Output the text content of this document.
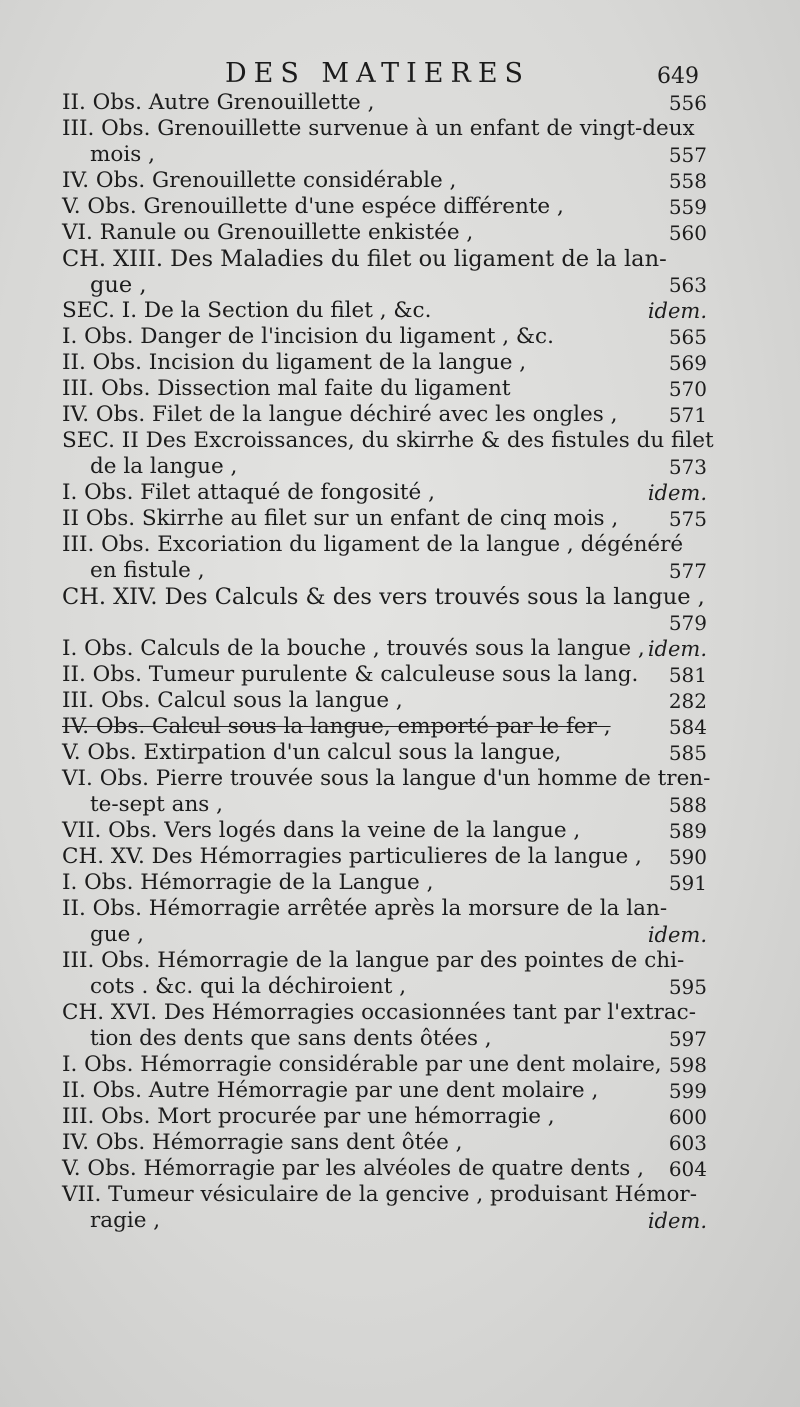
DES MATIERES	649
II. Obs. Autre Grenouillette ,	556
III. Obs. Grenouillette survenue à un enfant de vingt-deux
mois ,	557
IV. Obs. Grenouillette considérable ,	558
V. Obs. Grenouillette d'une espéce différente ,	559
VI. Ranule ou Grenouillette enkistée ,	560
CH. XIII. Des Maladies du filet ou ligament de la lan-
gue ,	563
SEC. I. De la Section du filet , &c.	idem.
I. Obs. Danger de l'incision du ligament , &c.	565
II. Obs. Incision du ligament de la langue ,	569
III. Obs. Dissection mal faite du ligament	570
IV. Obs. Filet de la langue déchiré avec les ongles ,	571
SEC. II Des Excroissances, du skirrhe & des fistules du filet
de la langue ,	573
I. Obs. Filet attaqué de fongosité ,	idem.
II Obs. Skirrhe au filet sur un enfant de cinq mois ,	575
III. Obs. Excoriation du ligament de la langue , dégénéré
en fistule ,	577
CH. XIV. Des Calculs & des vers trouvés sous la langue ,
579
I. Obs. Calculs de la bouche , trouvés sous la langue , idem.
II. Obs. Tumeur purulente & calculeuse sous la lang. 581
III. Obs. Calcul sous la langue ,	282
IV. Obs. Calcul sous la langue, emporté par le fer ,	584
V. Obs. Extirpation d'un calcul sous la langue,	585
VI. Obs. Pierre trouvée sous la langue d'un homme de tren-
te-sept ans ,	588
VII. Obs. Vers logés dans la veine de la langue ,	589
CH. XV. Des Hémorragies particulieres de la langue , 590
I. Obs. Hémorragie de la Langue ,	591
II. Obs. Hémorragie arrêtée après la morsure de la lan-
gue ,	idem.
III. Obs. Hémorragie de la langue par des pointes de chi-
cots . &c. qui la déchiroient ,	595
CH. XVI. Des Hémorragies occasionnées tant par l'extrac-
tion des dents que sans dents ôtées ,	597
I. Obs. Hémorragie considérable par une dent molaire, 598
II. Obs. Autre Hémorragie par une dent molaire ,	599
III. Obs. Mort procurée par une hémorragie ,	600
IV. Obs. Hémorragie sans dent ôtée ,	603
V. Obs. Hémorragie par les alvéoles de quatre dents , 604
VII. Tumeur vésiculaire de la gencive , produisant Hémor-
ragie ,	idem.
